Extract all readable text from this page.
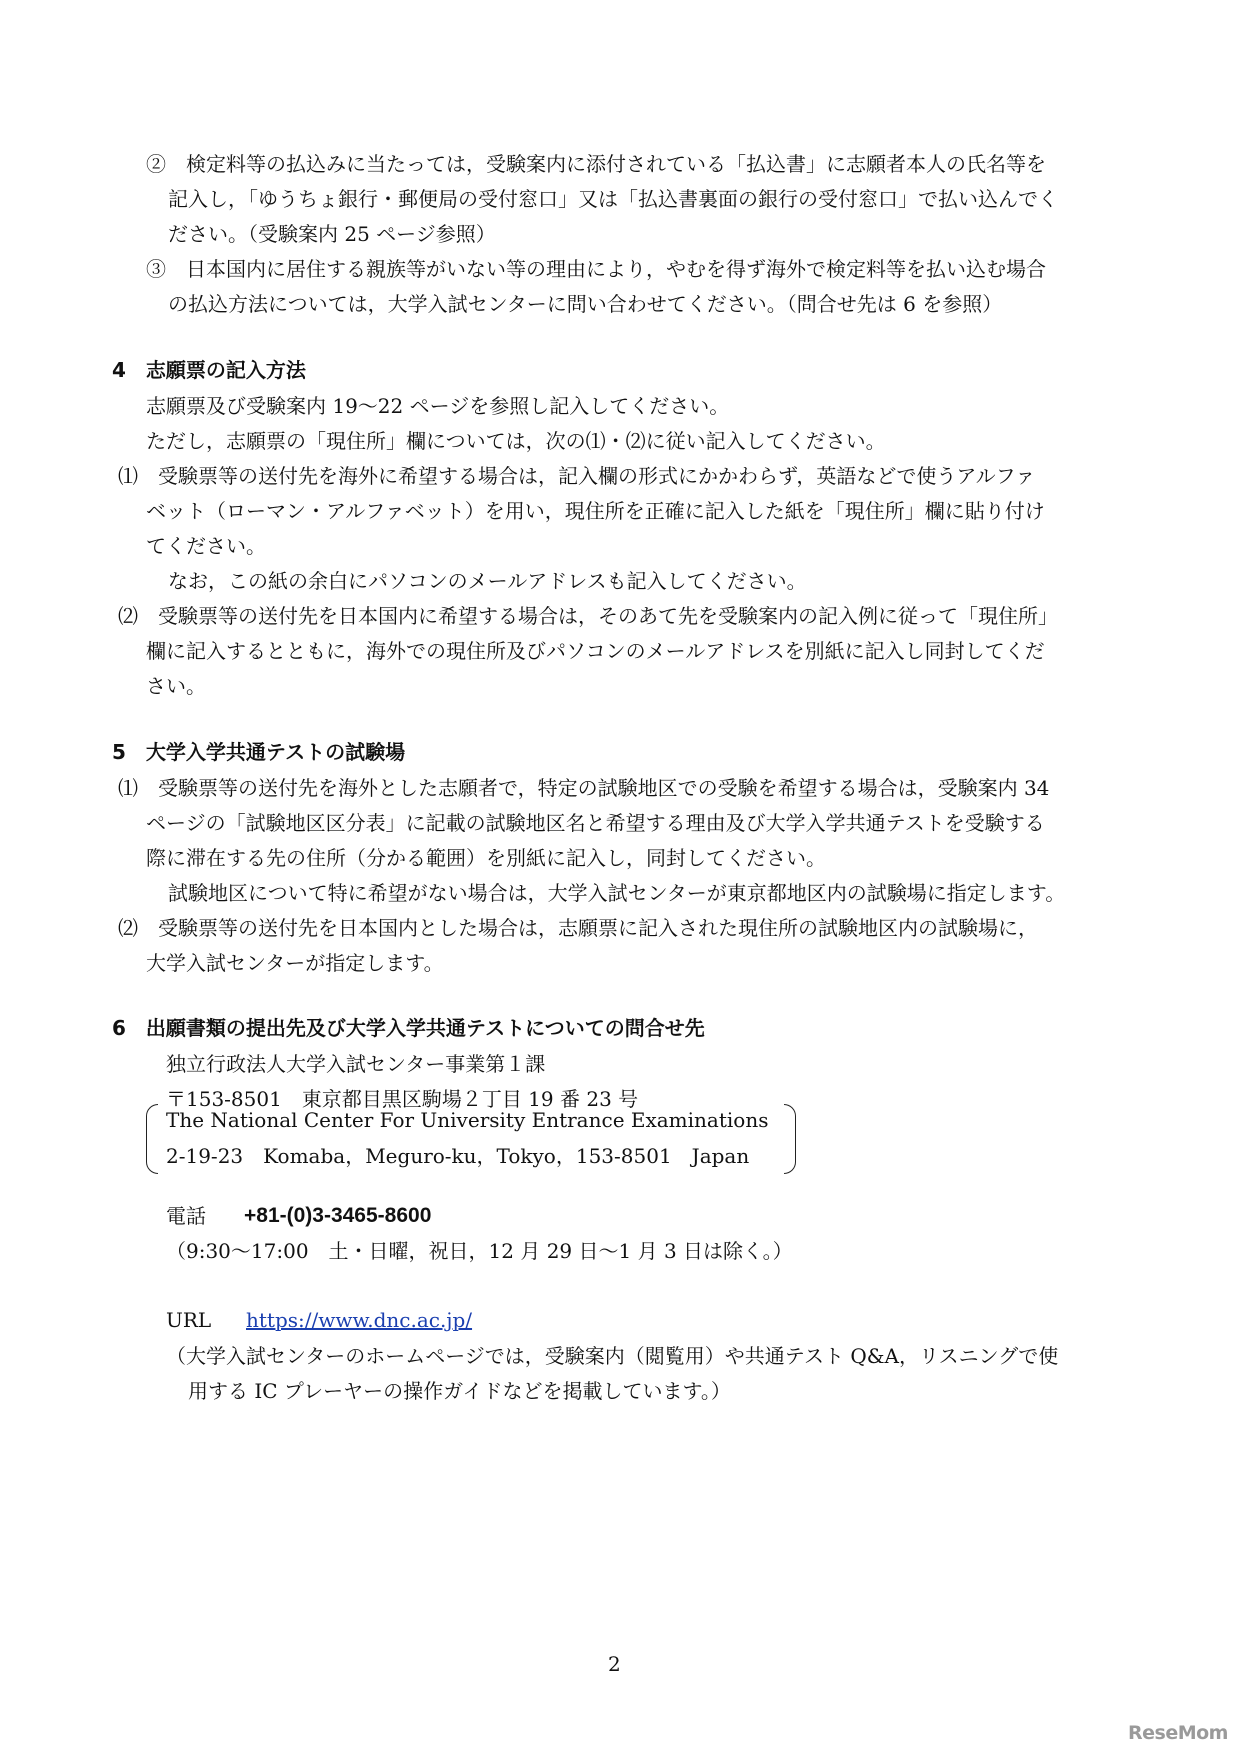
②　検定料等の払込みに当たっては，受験案内に添付されている「払込書」に志願者本人の氏名等を
記入し，「ゆうちょ銀行・郵便局の受付窓口」又は「払込書裏面の銀行の受付窓口」で払い込んでく
ださい。（受験案内 25 ページ参照）
③　日本国内に居住する親族等がいない等の理由により，やむを得ず海外で検定料等を払い込む場合
の払込方法については，大学入試センターに問い合わせてください。（問合せ先は 6 を参照）
4　志願票の記入方法
志願票及び受験案内 19～22 ページを参照し記入してください。
ただし，志願票の「現住所」欄については，次の⑴・⑵に従い記入してください。
⑴　受験票等の送付先を海外に希望する場合は，記入欄の形式にかかわらず，英語などで使うアルファ
ベット（ローマン・アルファベット）を用い，現住所を正確に記入した紙を「現住所」欄に貼り付け
てください。
なお，この紙の余白にパソコンのメールアドレスも記入してください。
⑵　受験票等の送付先を日本国内に希望する場合は，そのあて先を受験案内の記入例に従って「現住所」
欄に記入するとともに，海外での現住所及びパソコンのメールアドレスを別紙に記入し同封してくだ
さい。
5　大学入学共通テストの試験場
⑴　受験票等の送付先を海外とした志願者で，特定の試験地区での受験を希望する場合は，受験案内 34
ページの「試験地区区分表」に記載の試験地区名と希望する理由及び大学入学共通テストを受験する
際に滞在する先の住所（分かる範囲）を別紙に記入し，同封してください。
試験地区について特に希望がない場合は，大学入試センターが東京都地区内の試験場に指定します。
⑵　受験票等の送付先を日本国内とした場合は，志願票に記入された現住所の試験地区内の試験場に，
大学入試センターが指定します。
6　出願書類の提出先及び大学入学共通テストについての問合せ先
独立行政法人大学入試センター事業第１課
〒153-8501　東京都目黒区駒場２丁目 19 番 23 号
The National Center For University Entrance Examinations
2-19-23　Komaba，Meguro-ku，Tokyo，153-8501　Japan
電話 +81-(0)3-3465-8600
（9:30～17:00　土・日曜，祝日，12 月 29 日～1 月 3 日は除く。）
URL https://www.dnc.ac.jp/
（大学入試センターのホームページでは，受験案内（閲覧用）や共通テスト Q&A，リスニングで使
用する IC プレーヤーの操作ガイドなどを掲載しています。）
2
ReseMom
